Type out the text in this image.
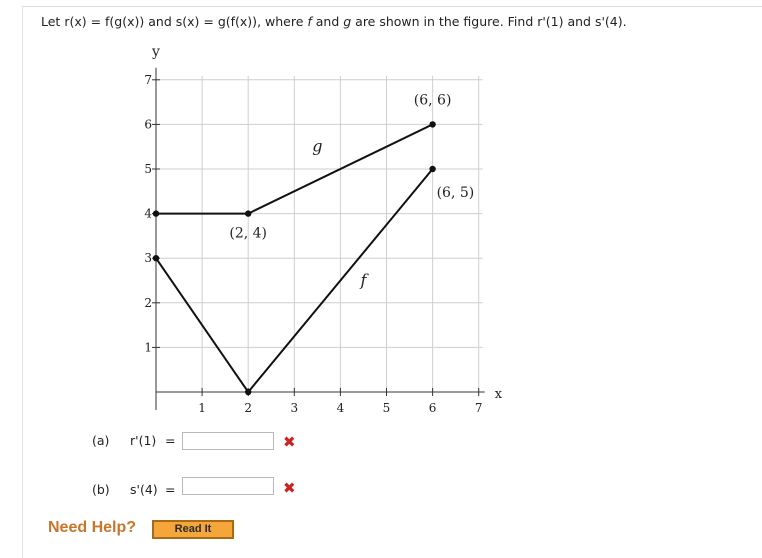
Let r(x) = f(g(x)) and s(x) = g(f(x)), where f and g are shown in the figure. Find r'(1) and s'(4).
1	2	3	4	5	6	7
1
2
3
4
5
6
7
y
x
g
f
(6, 6)
(6, 5)
(2, 4)
(a) r'(1) =	✖
(b) s'(4) =	✖
Need Help?	Read It
